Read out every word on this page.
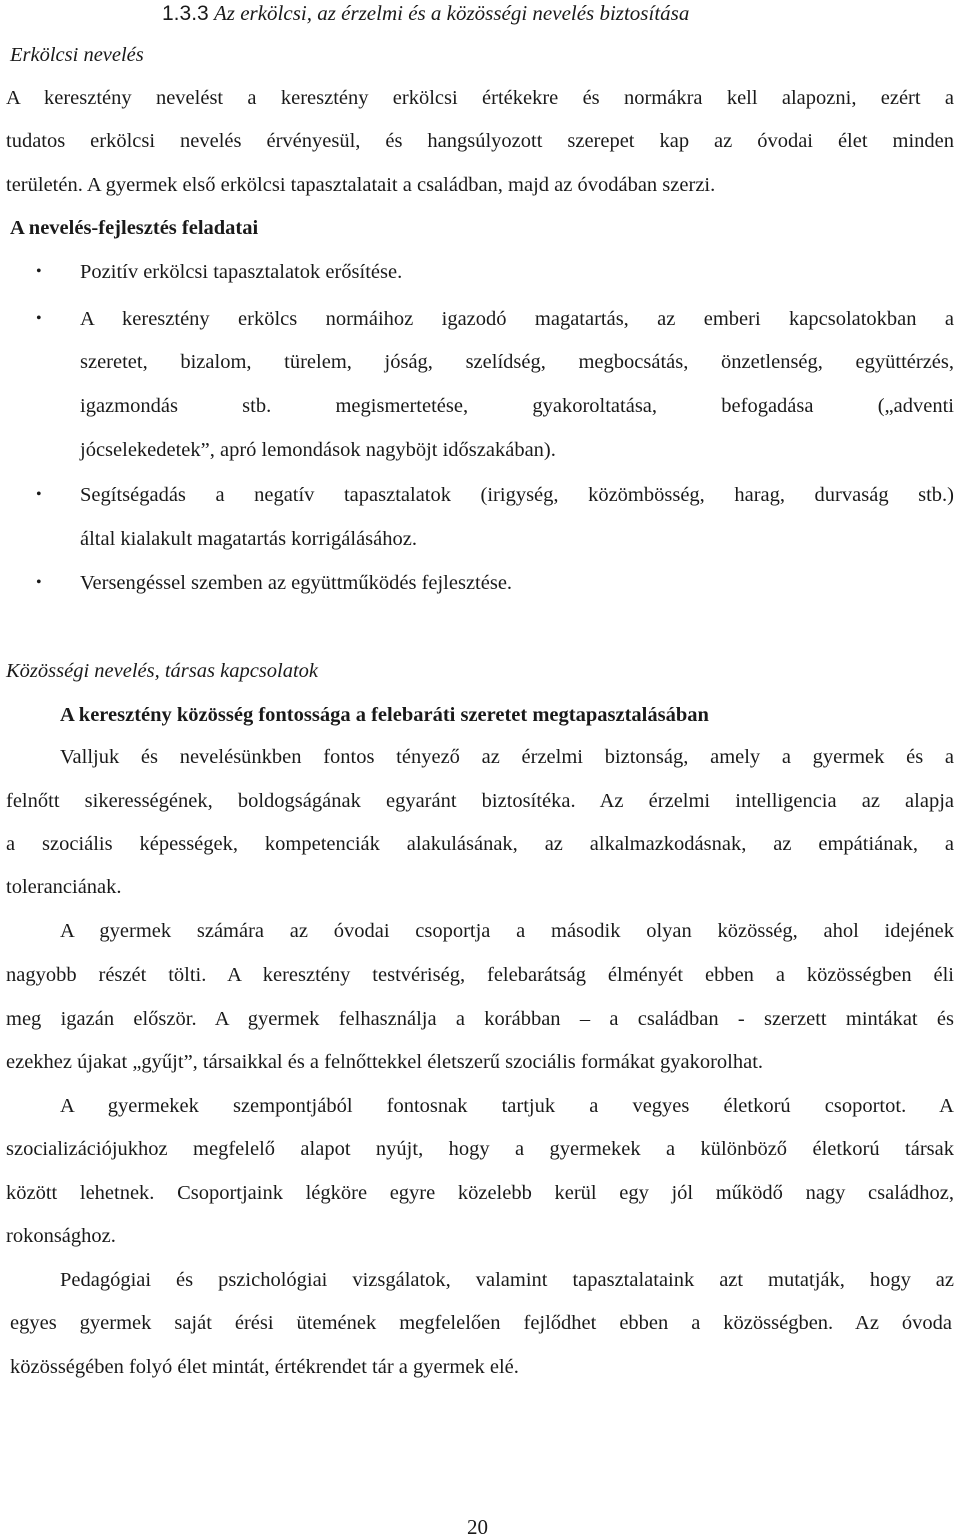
1.3.3 Az erkölcsi, az érzelmi és a közösségi nevelés biztosítása
Erkölcsi nevelés
A keresztény nevelést a keresztény erkölcsi értékekre és normákra kell alapozni, ezért a
tudatos erkölcsi nevelés érvényesül, és hangsúlyozott szerepet kap az óvodai élet minden
területén. A gyermek első erkölcsi tapasztalatait a családban, majd az óvodában szerzi.
A nevelés-fejlesztés feladatai
•	Pozitív erkölcsi tapasztalatok erősítése.
•	A keresztény erkölcs normáihoz igazodó magatartás, az emberi kapcsolatokban a
szeretet, bizalom, türelem, jóság, szelídség, megbocsátás, önzetlenség, együttérzés,
igazmondás stb. megismertetése, gyakoroltatása, befogadása („adventi
jócselekedetek”, apró lemondások nagyböjt időszakában).
•	Segítségadás a negatív tapasztalatok (irigység, közömbösség, harag, durvaság stb.)
által kialakult magatartás korrigálásához.
•	Versengéssel szemben az együttműködés fejlesztése.
Közösségi nevelés, társas kapcsolatok
A keresztény közösség fontossága a felebaráti szeretet megtapasztalásában
Valljuk és nevelésünkben fontos tényező az érzelmi biztonság, amely a gyermek és a
felnőtt sikerességének, boldogságának egyaránt biztosítéka. Az érzelmi intelligencia az alapja
a szociális képességek, kompetenciák alakulásának, az alkalmazkodásnak, az empátiának, a
toleranciának.
A gyermek számára az óvodai csoportja a második olyan közösség, ahol idejének
nagyobb részét tölti. A keresztény testvériség, felebarátság élményét ebben a közösségben éli
meg igazán először. A gyermek felhasználja a korábban – a családban - szerzett mintákat és
ezekhez újakat „gyűjt”, társaikkal és a felnőttekkel életszerű szociális formákat gyakorolhat.
A gyermekek szempontjából fontosnak tartjuk a vegyes életkorú csoportot. A
szocializációjukhoz megfelelő alapot nyújt, hogy a gyermekek a különböző életkorú társak
között lehetnek. Csoportjaink légköre egyre közelebb kerül egy jól működő nagy családhoz,
rokonsághoz.
Pedagógiai és pszichológiai vizsgálatok, valamint tapasztalataink azt mutatják, hogy az
egyes gyermek saját érési ütemének megfelelően fejlődhet ebben a közösségben. Az óvoda
közösségében folyó élet mintát, értékrendet tár a gyermek elé.
20
